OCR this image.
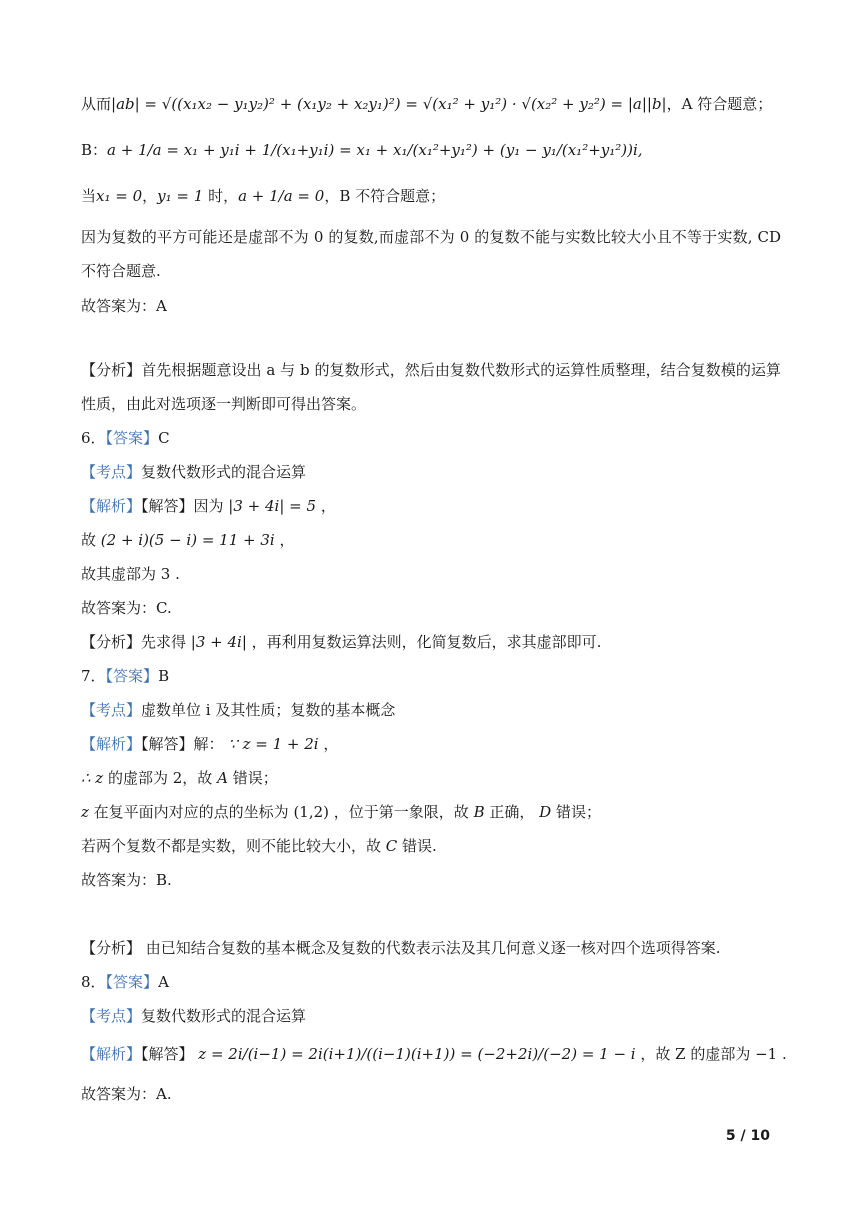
从而|ab| = √((x₁x₂ − y₁y₂)² + (x₁y₂ + x₂y₁)²) = √(x₁² + y₁²) · √(x₂² + y₂²) = |a||b|，A 符合题意；
B：a + 1/a = x₁ + y₁i + 1/(x₁+y₁i) = x₁ + x₁/(x₁²+y₁²) + (y₁ − y₁/(x₁²+y₁²))i,
当x₁ = 0，y₁ = 1 时，a + 1/a = 0，B 不符合题意；
因为复数的平方可能还是虚部不为 0 的复数,而虚部不为 0 的复数不能与实数比较大小且不等于实数, CD 不符合题意.
故答案为：A
【分析】首先根据题意设出 a 与 b 的复数形式，然后由复数代数形式的运算性质整理，结合复数模的运算性质，由此对选项逐一判断即可得出答案。
6．【答案】C
【考点】复数代数形式的混合运算
【解析】【解答】因为 |3 + 4i| = 5 ，
故 (2 + i)(5 − i) = 11 + 3i ，
故其虚部为 3 .
故答案为：C.
【分析】先求得 |3 + 4i| ，再利用复数运算法则，化简复数后，求其虚部即可.
7．【答案】B
【考点】虚数单位 i 及其性质；复数的基本概念
【解析】【解答】解： ∵ z = 1 + 2i ，
∴ z 的虚部为 2，故 A 错误；
z 在复平面内对应的点的坐标为 (1,2) ，位于第一象限，故 B 正确， D 错误；
若两个复数不都是实数，则不能比较大小，故 C 错误.
故答案为：B.
【分析】 由已知结合复数的基本概念及复数的代数表示法及其几何意义逐一核对四个选项得答案.
8．【答案】A
【考点】复数代数形式的混合运算
【解析】【解答】 z = 2i/(i−1) = 2i(i+1)/((i−1)(i+1)) = (−2+2i)/(−2) = 1 − i ，故 Z 的虚部为 −1 .
故答案为：A.
5 / 10
